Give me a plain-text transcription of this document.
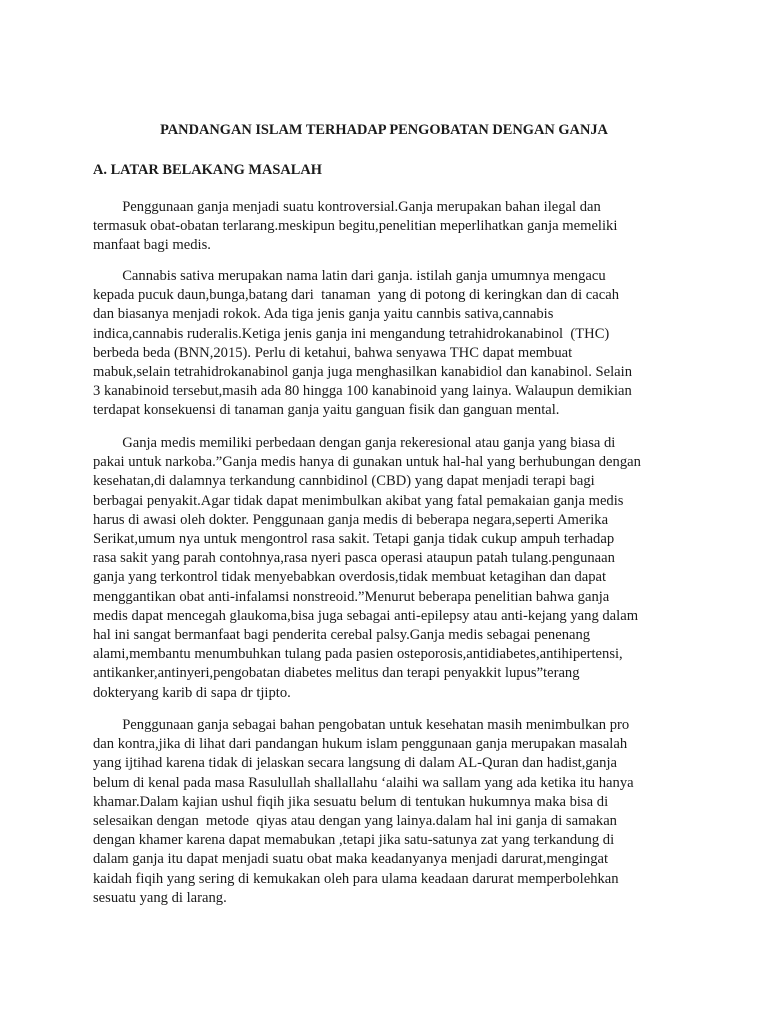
PANDANGAN ISLAM TERHADAP PENGOBATAN DENGAN GANJA
A. LATAR BELAKANG MASALAH

Penggunaan ganja menjadi suatu kontroversial.Ganja merupakan bahan ilegal dan
termasuk obat-obatan terlarang.meskipun begitu,penelitian meperlihatkan ganja memeliki
manfaat bagi medis.

Cannabis sativa merupakan nama latin dari ganja. istilah ganja umumnya mengacu
kepada pucuk daun,bunga,batang dari  tanaman  yang di potong di keringkan dan di cacah
dan biasanya menjadi rokok. Ada tiga jenis ganja yaitu cannbis sativa,cannabis
indica,cannabis ruderalis.Ketiga jenis ganja ini mengandung tetrahidrokanabinol  (THC)
berbeda beda (BNN,2015). Perlu di ketahui, bahwa senyawa THC dapat membuat
mabuk,selain tetrahidrokanabinol ganja juga menghasilkan kanabidiol dan kanabinol. Selain
3 kanabinoid tersebut,masih ada 80 hingga 100 kanabinoid yang lainya. Walaupun demikian
terdapat konsekuensi di tanaman ganja yaitu ganguan fisik dan ganguan mental.

Ganja medis memiliki perbedaan dengan ganja rekeresional atau ganja yang biasa di
pakai untuk narkoba.”Ganja medis hanya di gunakan untuk hal-hal yang berhubungan dengan
kesehatan,di dalamnya terkandung cannbidinol (CBD) yang dapat menjadi terapi bagi
berbagai penyakit.Agar tidak dapat menimbulkan akibat yang fatal pemakaian ganja medis
harus di awasi oleh dokter. Penggunaan ganja medis di beberapa negara,seperti Amerika
Serikat,umum nya untuk mengontrol rasa sakit. Tetapi ganja tidak cukup ampuh terhadap
rasa sakit yang parah contohnya,rasa nyeri pasca operasi ataupun patah tulang.pengunaan
ganja yang terkontrol tidak menyebabkan overdosis,tidak membuat ketagihan dan dapat
menggantikan obat anti-infalamsi nonstreoid.”Menurut beberapa penelitian bahwa ganja
medis dapat mencegah glaukoma,bisa juga sebagai anti-epilepsy atau anti-kejang yang dalam
hal ini sangat bermanfaat bagi penderita cerebal palsy.Ganja medis sebagai penenang
alami,membantu menumbuhkan tulang pada pasien osteporosis,antidiabetes,antihipertensi,
antikanker,antinyeri,pengobatan diabetes melitus dan terapi penyakkit lupus”terang
dokteryang karib di sapa dr tjipto.

Penggunaan ganja sebagai bahan pengobatan untuk kesehatan masih menimbulkan pro
dan kontra,jika di lihat dari pandangan hukum islam penggunaan ganja merupakan masalah
yang ijtihad karena tidak di jelaskan secara langsung di dalam AL-Quran dan hadist,ganja
belum di kenal pada masa Rasulullah shallallahu ‘alaihi wa sallam yang ada ketika itu hanya
khamar.Dalam kajian ushul fiqih jika sesuatu belum di tentukan hukumnya maka bisa di
selesaikan dengan  metode  qiyas atau dengan yang lainya.dalam hal ini ganja di samakan
dengan khamer karena dapat memabukan ,tetapi jika satu-satunya zat yang terkandung di
dalam ganja itu dapat menjadi suatu obat maka keadanyanya menjadi darurat,mengingat
kaidah fiqih yang sering di kemukakan oleh para ulama keadaan darurat memperbolehkan
sesuatu yang di larang.
